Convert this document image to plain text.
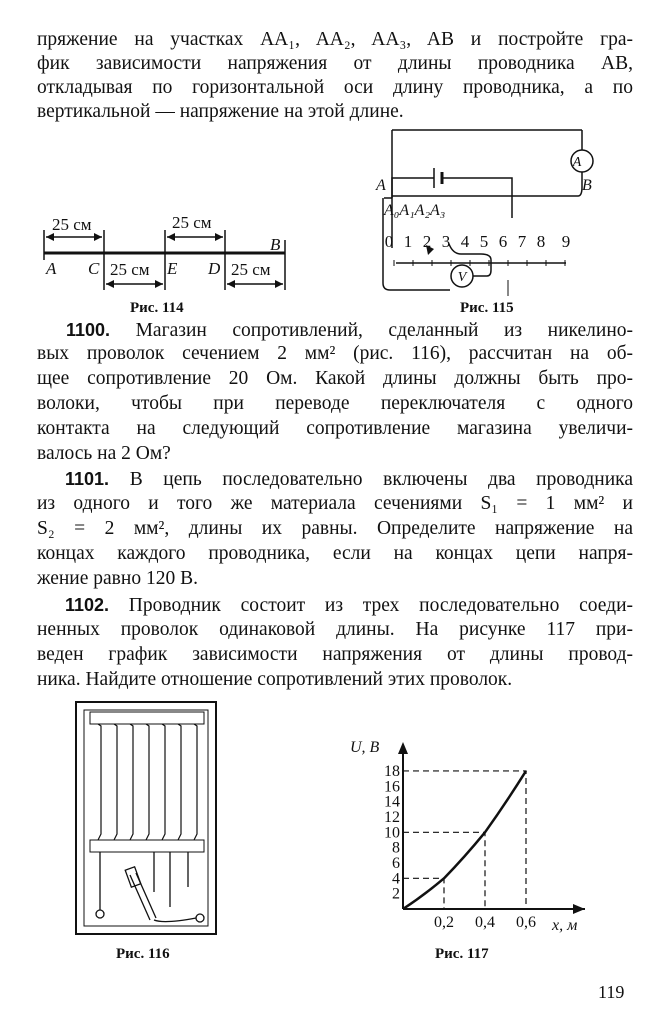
пряжение на участках AA₁, AA₂, AA₃, AB и постройте гра-
фик зависимости напряжения от длины проводника AB,
откладывая по горизонтальной оси длину проводника, а по
вертикальной — напряжение на этой длине.
25 см	25 см
25 см	25 см
A C	E D
B
Рис. 114
A
V
A	B
A₀A₁A₂A₃
0 1 2 3 4 5 6 7 8 9
Рис. 115
1100. Магазин сопротивлений, сделанный из никелино-
вых проволок сечением 2 мм² (рис. 116), рассчитан на об-
щее сопротивление 20 Ом. Какой длины должны быть про-
волоки, чтобы при переводе переключателя с одного
контакта на следующий сопротивление магазина увеличи-
валось на 2 Ом?
1101. В цепь последовательно включены два проводника
из одного и того же материала сечениями S₁ = 1 мм² и
S₂ = 2 мм², длины их равны. Определите напряжение на
концах каждого проводника, если на концах цепи напря-
жение равно 120 В.
1102. Проводник состоит из трех последовательно соеди-
ненных проволок одинаковой длины. На рисунке 117 при-
веден график зависимости напряжения от длины провод-
ника. Найдите отношение сопротивлений этих проволок.
Рис. 116
2
4
6
8
10
12
14
16
18
0,2 0,4 0,6
U, В
x, м
Рис. 117
119
